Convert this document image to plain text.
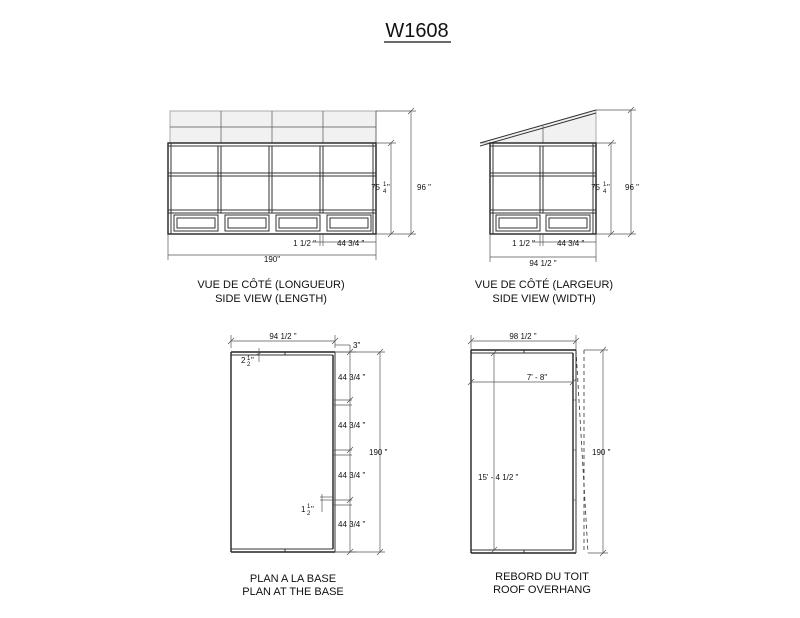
W1608
190"
96 "
75 1
4 "
1 1/2 "	44 3/4 "
VUE DE CÔTÉ (LONGUEUR)
SIDE VIEW (LENGTH)
94 1/2 "
96 "
75 1
4 "
1 1/2 "	44 3/4 "
VUE DE CÔTÉ (LARGEUR)
SIDE VIEW (WIDTH)
94 1/2 "
3"
2 1
2 "
44 3/4 "
44 3/4 "
44 3/4 "
44 3/4 "
1 1
2 "
190 "
PLAN A LA BASE
PLAN AT THE BASE
98 1/2 "
7' - 8"
15' - 4 1/2 "
190 "
REBORD DU TOIT
ROOF OVERHANG
